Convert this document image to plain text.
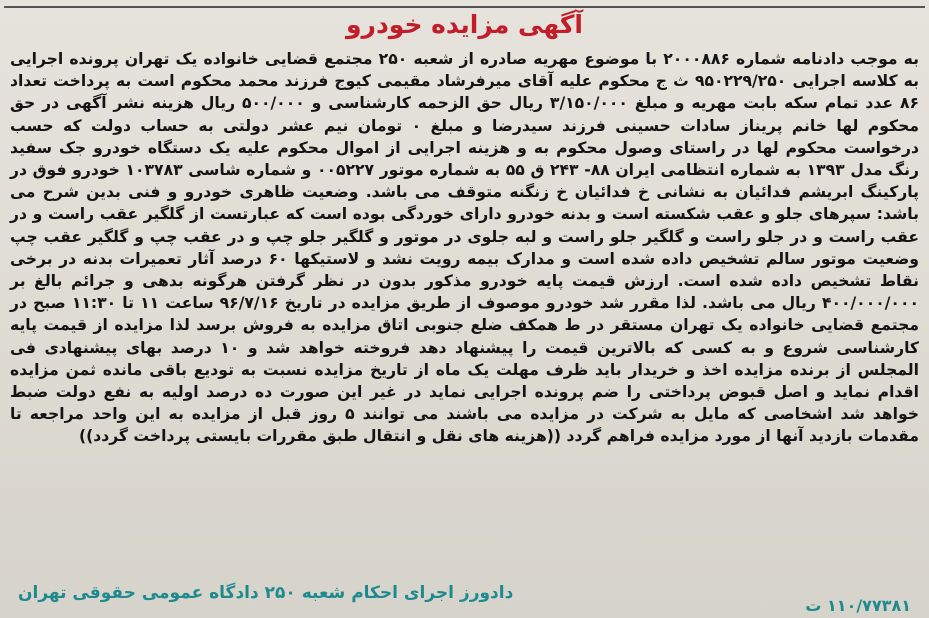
آگهی مزایده خودرو

به موجب دادنامه شماره ۲۰۰۰۸۸۶ با موضوع مهریه صادره از شعبه ۲۵۰ مجتمع قضایی خانواده یک تهران پرونده اجرایی به کلاسه اجرایی ۹۵۰۲۲۹/۲۵۰ ث ج محکوم علیه آقای میرفرشاد مقیمی کیوج فرزند محمد محکوم است به پرداخت تعداد ۸۶ عدد تمام سکه بابت مهریه و مبلغ ۳/۱۵۰/۰۰۰ ریال حق الزحمه کارشناسی و ۵۰۰/۰۰۰ ریال هزینه نشر آگهی در حق محکوم لها خانم پریناز سادات حسینی فرزند سیدرضا و مبلغ ۰ تومان نیم عشر دولتی به حساب دولت که حسب درخواست محکوم لها در راستای وصول محکوم به و هزینه اجرایی از اموال محکوم علیه یک دستگاه خودرو جک سفید رنگ مدل ۱۳۹۳ به شماره انتظامی ایران ۸۸- ۲۴۳ ق ۵۵ به شماره موتور ۰۰۵۲۲۷ و شماره شاسی ۱۰۳۷۸۳ خودرو فوق در پارکینگ ابریشم فدائیان به نشانی خ فدائیان خ زنگنه متوقف می باشد. وضعیت ظاهری خودرو و فنی بدین شرح می باشد: سپرهای جلو و عقب شکسته است و بدنه خودرو دارای خوردگی بوده است که عبارتست از گلگیر عقب راست و در عقب راست و در جلو راست و گلگیر جلو راست و لبه جلوی در موتور و گلگیر جلو چپ و در عقب چپ و گلگیر عقب چپ وضعیت موتور سالم تشخیص داده شده است و مدارک بیمه رویت نشد و لاستیکها ۶۰ درصد آثار تعمیرات بدنه در برخی نقاط تشخیص داده شده است. ارزش قیمت پایه خودرو مذکور بدون در نظر گرفتن هرگونه بدهی و جرائم بالغ بر ۴۰۰/۰۰۰/۰۰۰ ریال می باشد. لذا مقرر شد خودرو موصوف از طریق مزایده در تاریخ ۹۶/۷/۱۶ ساعت ۱۱ تا ۱۱:۳۰ صبح در مجتمع قضایی خانواده یک تهران مستقر در ط همکف ضلع جنوبی اتاق مزایده به فروش برسد لذا مزایده از قیمت پایه کارشناسی شروع و به کسی که بالاترین قیمت را پیشنهاد دهد فروخته خواهد شد و ۱۰ درصد بهای پیشنهادی فی المجلس از برنده مزایده اخذ و خریدار باید ظرف مهلت یک ماه از تاریخ مزایده نسبت به تودیع باقی مانده ثمن مزایده اقدام نماید و اصل قبوض پرداختی را ضم پرونده اجرایی نماید در غیر این صورت ده درصد اولیه به نفع دولت ضبط خواهد شد اشخاصی که مایل به شرکت در مزایده می باشند می توانند ۵ روز قبل از مزایده به این واحد مراجعه تا مقدمات بازدید آنها از مورد مزایده فراهم گردد ((هزینه های نقل و انتقال طبق مقررات بایستی پرداخت گردد))

دادورز اجرای احکام شعبه ۲۵۰ دادگاه عمومی حقوقی تهران
۱۱۰/۷۷۳۸۱ ت
